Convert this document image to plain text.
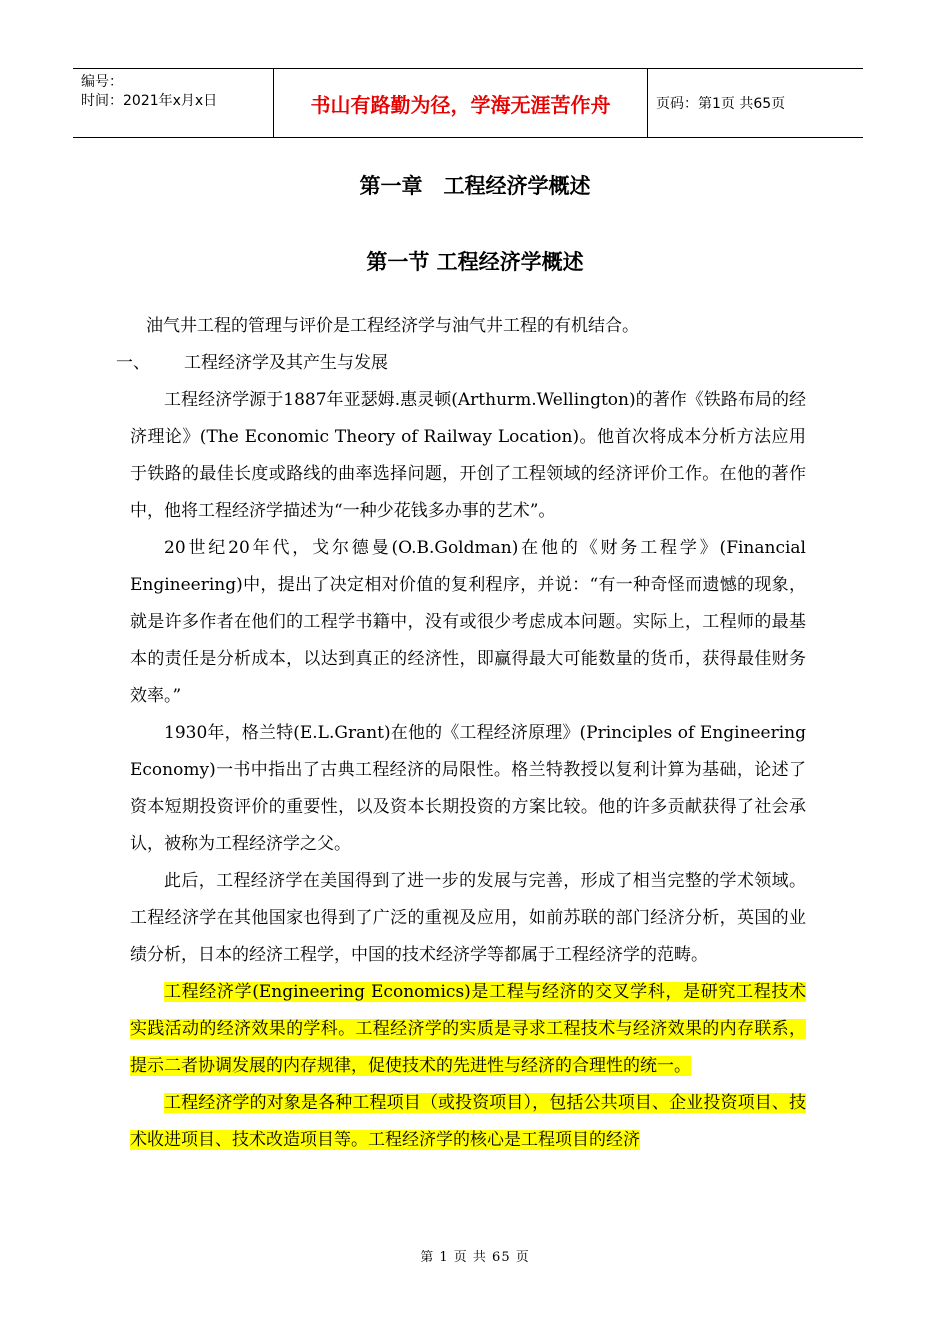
编号：
时间：2021年x月x日	书山有路勤为径，学海无涯苦作舟	页码：第1页 共65页
第一章　工程经济学概述
第一节 工程经济学概述

油气井工程的管理与评价是工程经济学与油气井工程的有机结合。

一、 工程经济学及其产生与发展

工程经济学源于1887年亚瑟姆.惠灵顿(Arthurm.Wellington)的著作《铁路布局的经济理论》(The Economic Theory of Railway Location)。他首次将成本分析方法应用于铁路的最佳长度或路线的曲率选择问题，开创了工程领域的经济评价工作。在他的著作中，他将工程经济学描述为“一种少花钱多办事的艺术”。

20世纪20年代，戈尔德曼(O.B.Goldman)在他的《财务工程学》(Financial Engineering)中，提出了决定相对价值的复利程序，并说：“有一种奇怪而遗憾的现象，就是许多作者在他们的工程学书籍中，没有或很少考虑成本问题。实际上，工程师的最基本的责任是分析成本，以达到真正的经济性，即赢得最大可能数量的货币，获得最佳财务效率。”

1930年，格兰特(E.L.Grant)在他的《工程经济原理》(Principles of Engineering Economy)一书中指出了古典工程经济的局限性。格兰特教授以复利计算为基础，论述了资本短期投资评价的重要性，以及资本长期投资的方案比较。他的许多贡献获得了社会承认，被称为工程经济学之父。

此后，工程经济学在美国得到了进一步的发展与完善，形成了相当完整的学术领域。工程经济学在其他国家也得到了广泛的重视及应用，如前苏联的部门经济分析，英国的业绩分析，日本的经济工程学，中国的技术经济学等都属于工程经济学的范畴。

工程经济学(Engineering Economics)是工程与经济的交叉学科，是研究工程技术实践活动的经济效果的学科。工程经济学的实质是寻求工程技术与经济效果的内存联系，提示二者协调发展的内存规律，促使技术的先进性与经济的合理性的统一。

工程经济学的对象是各种工程项目（或投资项目），包括公共项目、企业投资项目、技术收进项目、技术改造项目等。工程经济学的核心是工程项目的经济

第 1 页 共 65 页
